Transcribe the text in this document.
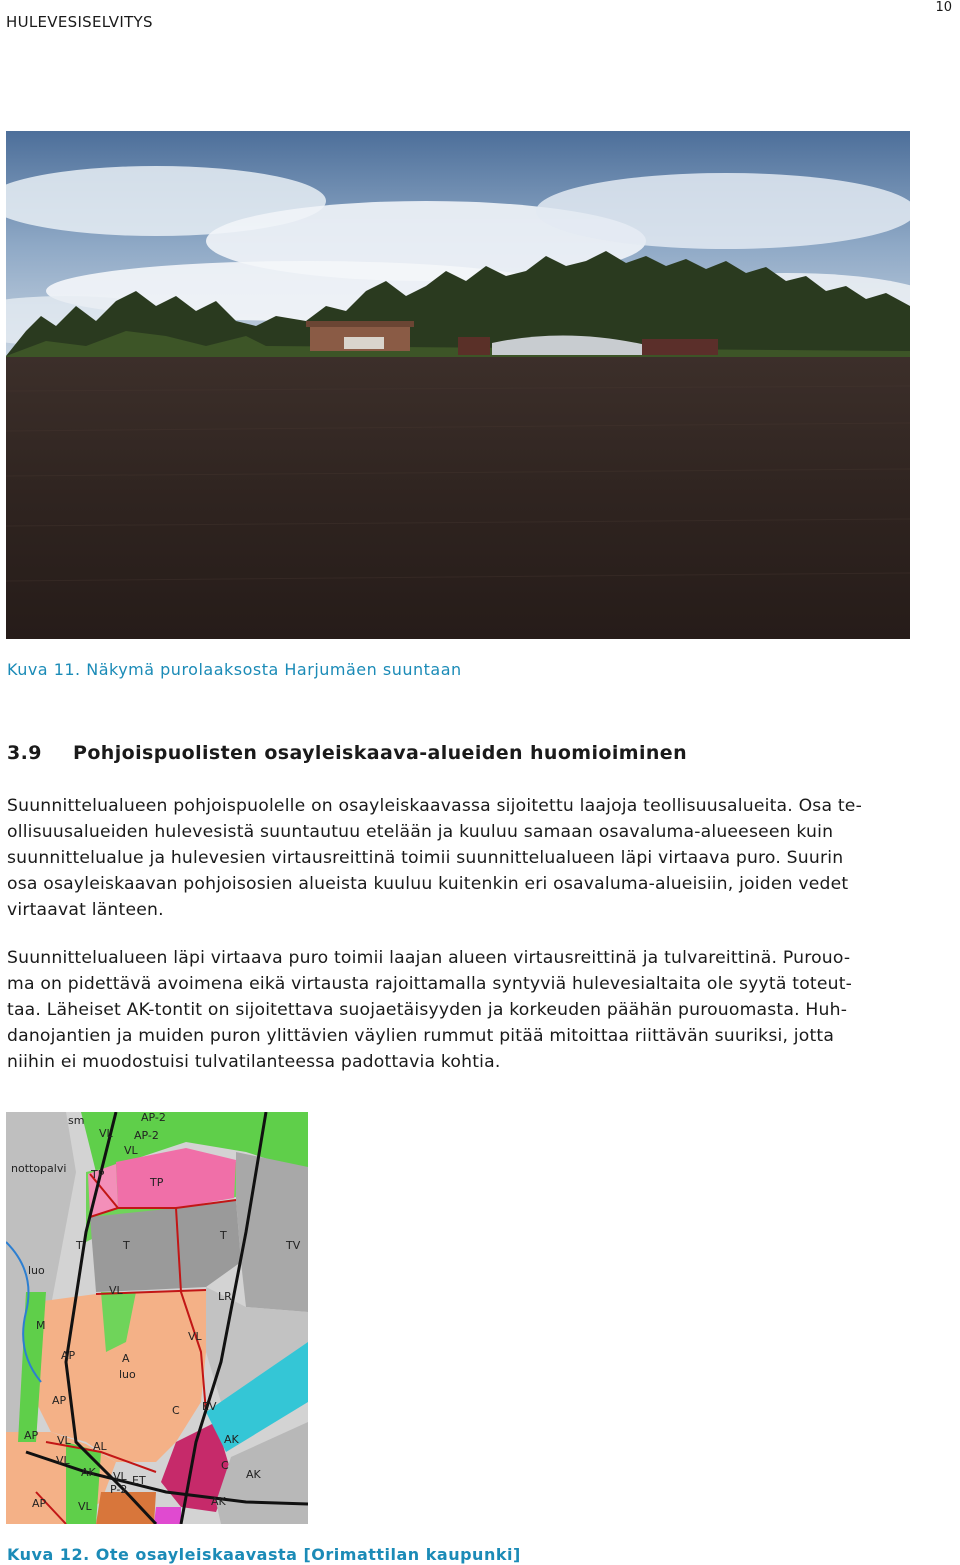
HULEVESISELVITYS
10
Kuva 11. Näkymä purolaaksosta Harjumäen suuntaan
3.9 Pohjoispuolisten osayleiskaava-alueiden huomioiminen

Suunnittelualueen pohjoispuolelle on osayleiskaavassa sijoitettu laajoja teollisuusalueita. Osa te-
ollisuusalueiden hulevesistä suuntautuu etelään ja kuuluu samaan osavaluma-alueeseen kuin
suunnittelualue ja hulevesien virtausreittinä toimii suunnittelualueen läpi virtaava puro. Suurin
osa osayleiskaavan pohjoisosien alueista kuuluu kuitenkin eri osavaluma-alueisiin, joiden vedet
virtaavat länteen.

Suunnittelualueen läpi virtaava puro toimii laajan alueen virtausreittinä ja tulvareittinä. Purouo-
ma on pidettävä avoimena eikä virtausta rajoittamalla syntyviä hulevesialtaita ole syytä toteut-
taa. Läheiset AK-tontit on sijoitettava suojaetäisyyden ja korkeuden päähän purouomasta. Huh-
danojantien ja muiden puron ylittävien väylien rummut pitää mitoittaa riittävän suuriksi, jotta
niihin ei muodostuisi tulvatilanteessa padottavia kohtia.

AP-2
sm
VL AP-2
VL
nottopalvi TP
TP
T
T
T	TV
luo
LR
VL
M
VL
AP	A
luo
EV
AP
C
AP VL AL
AK
VL
AK VL ET
P-2
C
AK
AP	VL	AK
Kuva 12. Ote osayleiskaavasta [Orimattilan kaupunki]
